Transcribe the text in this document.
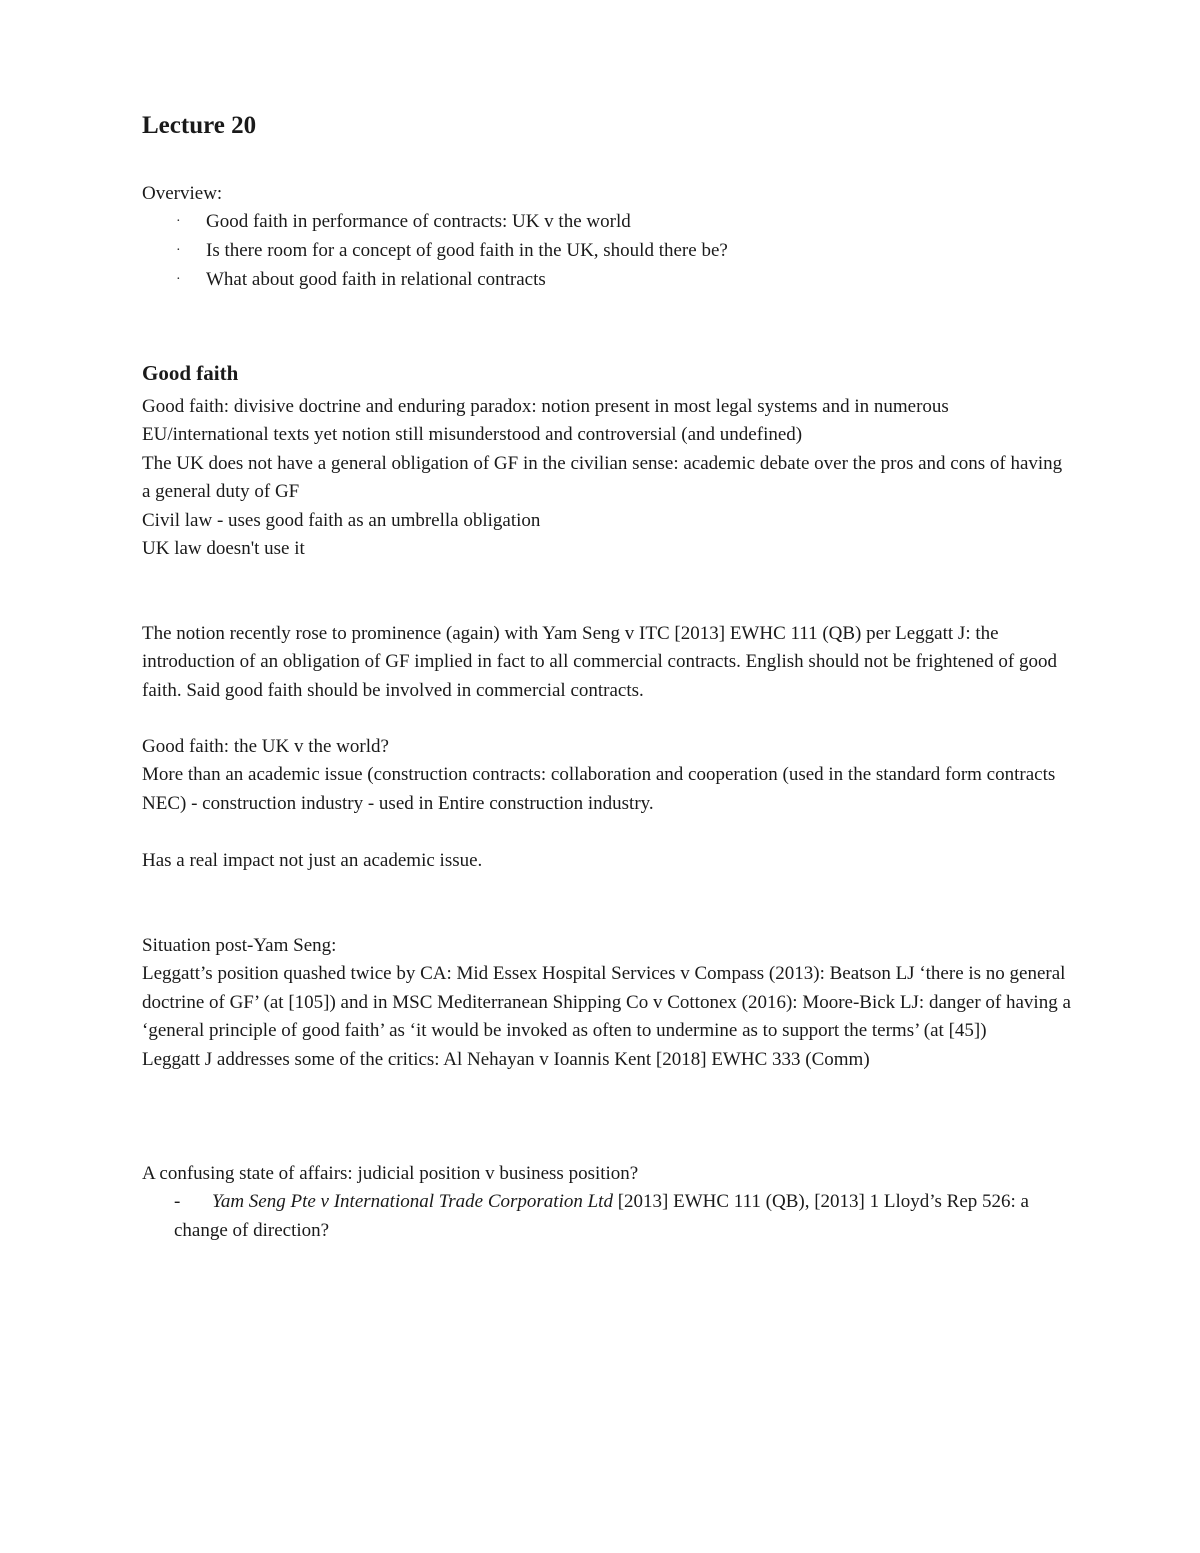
Lecture 20

Overview:

· Good faith in performance of contracts: UK v the world
· Is there room for a concept of good faith in the UK, should there be?
· What about good faith in relational contracts
Good faith

Good faith: divisive doctrine and enduring paradox: notion present in most legal systems and in numerous EU/international texts yet notion still misunderstood and controversial (and undefined)

The UK does not have a general obligation of GF in the civilian sense: academic debate over the pros and cons of having a general duty of GF

Civil law - uses good faith as an umbrella obligation

UK law doesn't use it

The notion recently rose to prominence (again) with Yam Seng v ITC [2013] EWHC 111 (QB) per Leggatt J: the introduction of an obligation of GF implied in fact to all commercial contracts. English should not be frightened of good faith. Said good faith should be involved in commercial contracts.

Good faith: the UK v the world?

More than an academic issue (construction contracts: collaboration and cooperation (used in the standard form contracts NEC) - construction industry - used in Entire construction industry.

Has a real impact not just an academic issue.

Situation post-Yam Seng:

Leggatt’s position quashed twice by CA: Mid Essex Hospital Services v Compass (2013): Beatson LJ ‘there is no general doctrine of GF’ (at [105]) and in MSC Mediterranean Shipping Co v Cottonex (2016): Moore-Bick LJ: danger of having a ‘general principle of good faith’ as ‘it would be invoked as often to undermine as to support the terms’ (at [45])

Leggatt J addresses some of the critics: Al Nehayan v Ioannis Kent [2018] EWHC 333 (Comm)

A confusing state of affairs: judicial position v business position?

-	Yam Seng Pte v International Trade Corporation Ltd [2013] EWHC 111 (QB), [2013] 1 Lloyd’s Rep 526: a change of direction?
